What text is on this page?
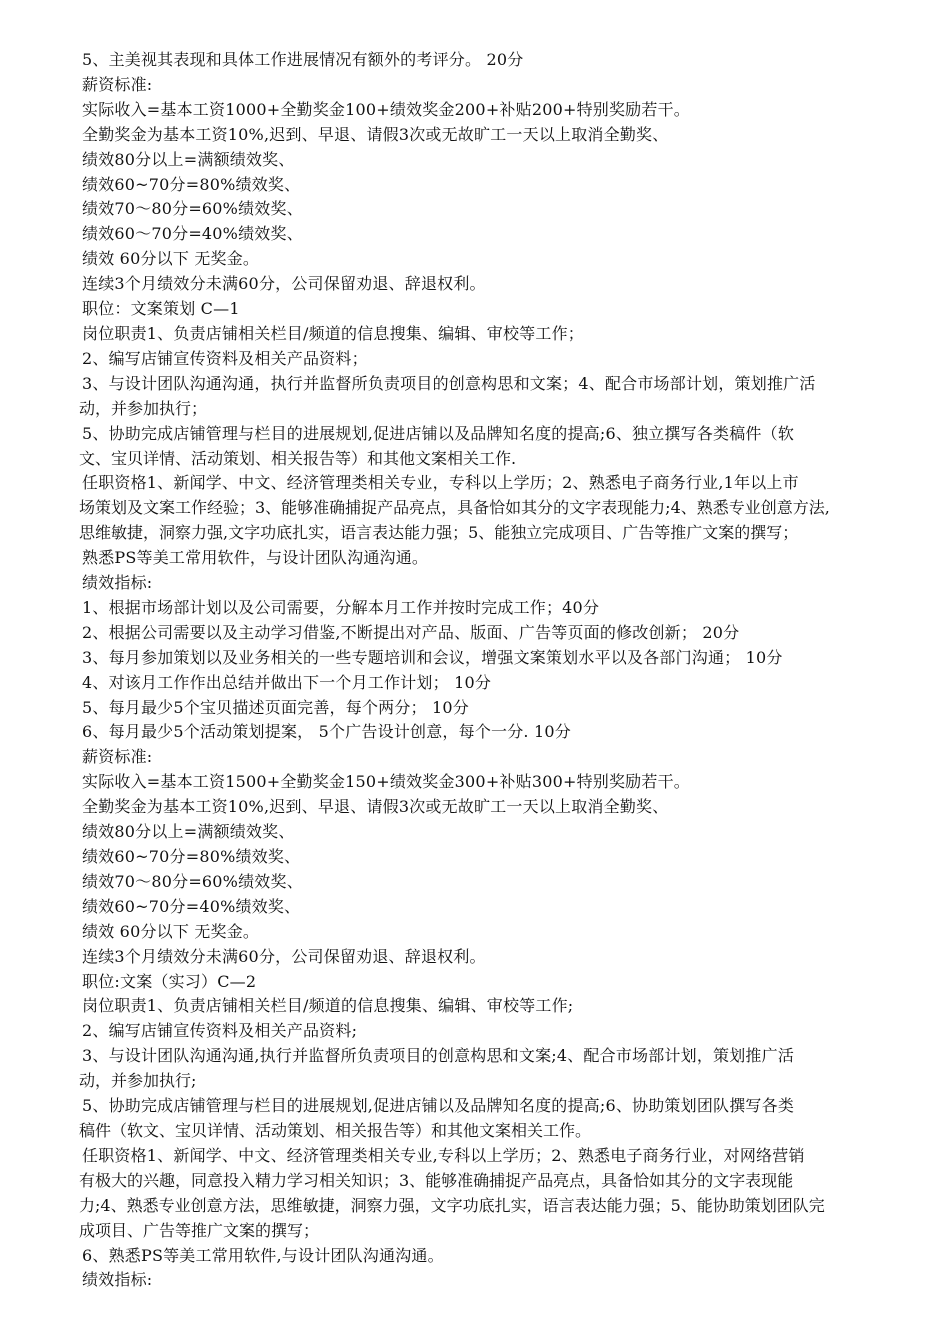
5、主美视其表现和具体工作进展情况有额外的考评分。 20分
薪资标准:
实际收入=基本工资1000+全勤奖金100+绩效奖金200+补贴200+特别奖励若干。
全勤奖金为基本工资10%,迟到、早退、请假3次或无故旷工一天以上取消全勤奖、
绩效80分以上=满额绩效奖、
绩效60~70分=80%绩效奖、
绩效70～80分=60%绩效奖、
绩效60～70分=40%绩效奖、
绩效 60分以下 无奖金。
连续3个月绩效分未满60分，公司保留劝退、辞退权利。
职位：文案策划 C—1
岗位职责1、负责店铺相关栏目/频道的信息搜集、编辑、审校等工作；
2、编写店铺宣传资料及相关产品资料；
3、与设计团队沟通沟通，执行并监督所负责项目的创意构思和文案；4、配合市场部计划，策划推广活
动，并参加执行；
5、协助完成店铺管理与栏目的进展规划,促进店铺以及品牌知名度的提高;6、独立撰写各类稿件（软
文、宝贝详情、活动策划、相关报告等）和其他文案相关工作.
任职资格1、新闻学、中文、经济管理类相关专业，专科以上学历；2、熟悉电子商务行业,1年以上市
场策划及文案工作经验；3、能够准确捕捉产品亮点，具备恰如其分的文字表现能力;4、熟悉专业创意方法,
思维敏捷，洞察力强,文字功底扎实，语言表达能力强；5、能独立完成项目、广告等推广文案的撰写；
熟悉PS等美工常用软件，与设计团队沟通沟通。
绩效指标:
1、根据市场部计划以及公司需要，分解本月工作并按时完成工作；40分
2、根据公司需要以及主动学习借鉴,不断提出对产品、版面、广告等页面的修改创新； 20分
3、每月参加策划以及业务相关的一些专题培训和会议，增强文案策划水平以及各部门沟通； 10分
4、对该月工作作出总结并做出下一个月工作计划； 10分
5、每月最少5个宝贝描述页面完善，每个两分； 10分
6、每月最少5个活动策划提案， 5个广告设计创意，每个一分. 10分
薪资标准:
实际收入=基本工资1500+全勤奖金150+绩效奖金300+补贴300+特别奖励若干。
全勤奖金为基本工资10%,迟到、早退、请假3次或无故旷工一天以上取消全勤奖、
绩效80分以上=满额绩效奖、
绩效60~70分=80%绩效奖、
绩效70～80分=60%绩效奖、
绩效60~70分=40%绩效奖、
绩效 60分以下 无奖金。
连续3个月绩效分未满60分，公司保留劝退、辞退权利。
职位:文案（实习）C—2
岗位职责1、负责店铺相关栏目/频道的信息搜集、编辑、审校等工作;
2、编写店铺宣传资料及相关产品资料;
3、与设计团队沟通沟通,执行并监督所负责项目的创意构思和文案;4、配合市场部计划，策划推广活
动，并参加执行;
5、协助完成店铺管理与栏目的进展规划,促进店铺以及品牌知名度的提高;6、协助策划团队撰写各类
稿件（软文、宝贝详情、活动策划、相关报告等）和其他文案相关工作。
任职资格1、新闻学、中文、经济管理类相关专业,专科以上学历；2、熟悉电子商务行业，对网络营销
有极大的兴趣，同意投入精力学习相关知识；3、能够准确捕捉产品亮点，具备恰如其分的文字表现能
力;4、熟悉专业创意方法，思维敏捷，洞察力强，文字功底扎实，语言表达能力强；5、能协助策划团队完
成项目、广告等推广文案的撰写；
6、熟悉PS等美工常用软件,与设计团队沟通沟通。
绩效指标:
